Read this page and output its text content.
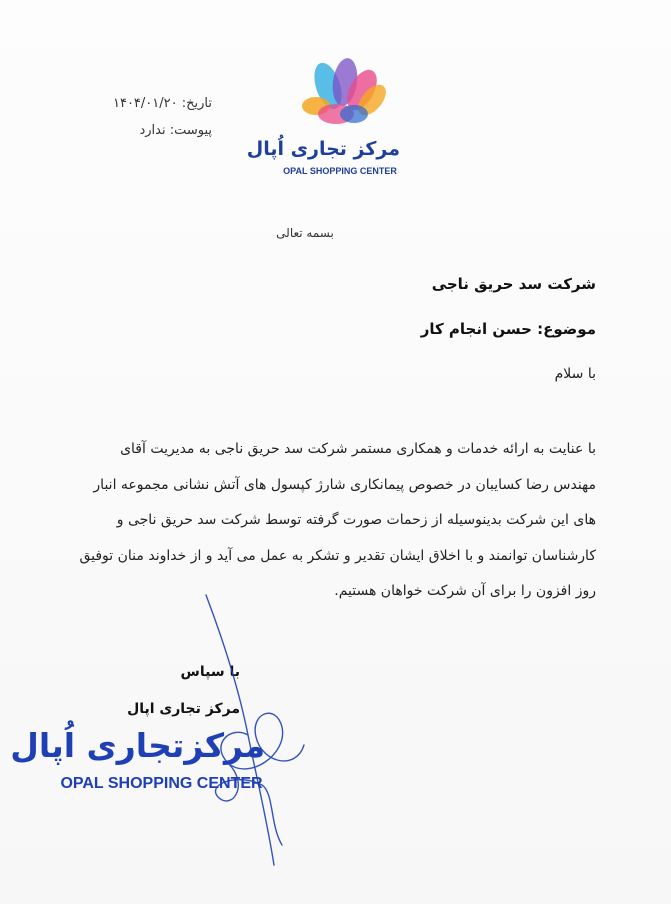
تاریخ: ۱۴۰۴/۰۱/۲۰
پیوست: ندارد
مرکز تجاری اُپال
OPAL SHOPPING CENTER
بسمه تعالی
شرکت سد حریق ناجی
موضوع: حسن انجام کار
با سلام
با عنایت به ارائه خدمات و همکاری مستمر شرکت سد حریق ناجی به مدیریت آقای
مهندس رضا کسایبان در خصوص پیمانکاری شارژ کپسول های آتش نشانی مجموعه انبار
های این شرکت بدینوسیله از زحمات صورت گرفته توسط شرکت سد حریق ناجی و
کارشناسان توانمند و با اخلاق ایشان تقدیر و تشکر به عمل می آید و از خداوند منان توفیق
روز افزون را برای آن شرکت خواهان هستیم.
با سپاس
مرکز تجاری اپال
مرکزتجاری اُپال
OPAL SHOPPING CENTER
